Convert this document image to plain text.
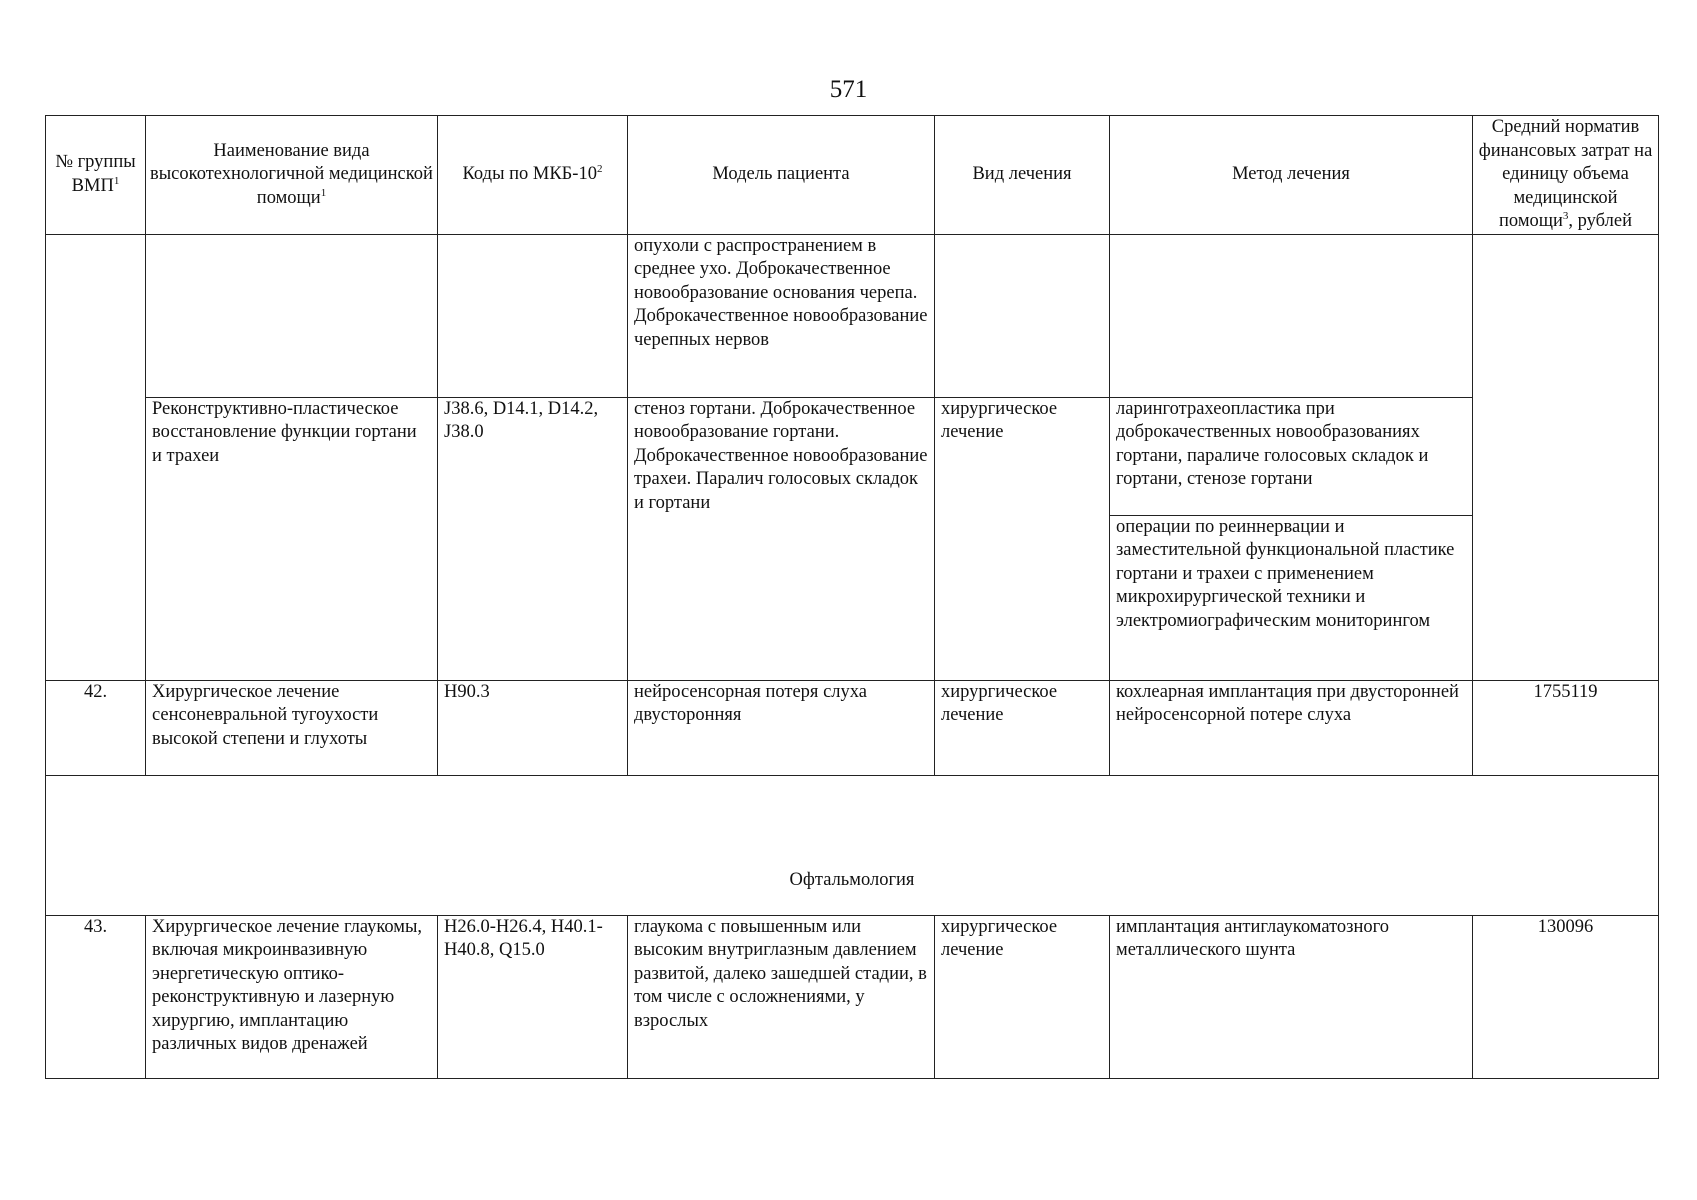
571
№ группы ВМП$^1$	Наименование вида высокотехнологичной медицинской помощи$^1$	Коды по МКБ-$10^2$	Модель пациента	Вид лечения	Метод лечения	Средний норматив финансовых затрат на единицу объема медицинской помощи$^3$, рублей
			опухоли с распространением в среднее ухо. Доброкачественное новообразование основания черепа. Доброкачественное новообразование черепных нервов			
	Реконструктивно-пластическое восстановление функции гортани и трахеи	J38.6, D14.1, D14.2, J38.0	стеноз гортани. Доброкачественное новообразование гортани. Доброкачественное новообразование трахеи. Паралич голосовых складок и гортани	хирургическое лечение	ларинготрахеопластика при доброкачественных новообразованиях гортани, параличе голосовых складок и гортани, стенозе гортани	
					операции по реиннервации и заместительной функциональной пластике гортани и трахеи с применением микрохирургической техники и электромиографическим мониторингом	
42.	Хирургическое лечение сенсоневральной тугоухости высокой степени и глухоты	H90.3	нейросенсорная потеря слуха двусторонняя	хирургическое лечение	кохлеарная имплантация при двусторонней нейросенсорной потере слуха	1755119
Офтальмология						
43.	Хирургическое лечение глаукомы, включая микроинвазивную энергетическую оптико-реконструктивную и лазерную хирургию, имплантацию различных видов дренажей	H26.0-H26.4, H40.1- H40.8, Q15.0	глаукома с повышенным или высоким внутриглазным давлением развитой, далеко зашедшей стадии, в том числе с осложнениями, у взрослых	хирургическое лечение	имплантация антиглаукоматозного металлического шунта	130096
